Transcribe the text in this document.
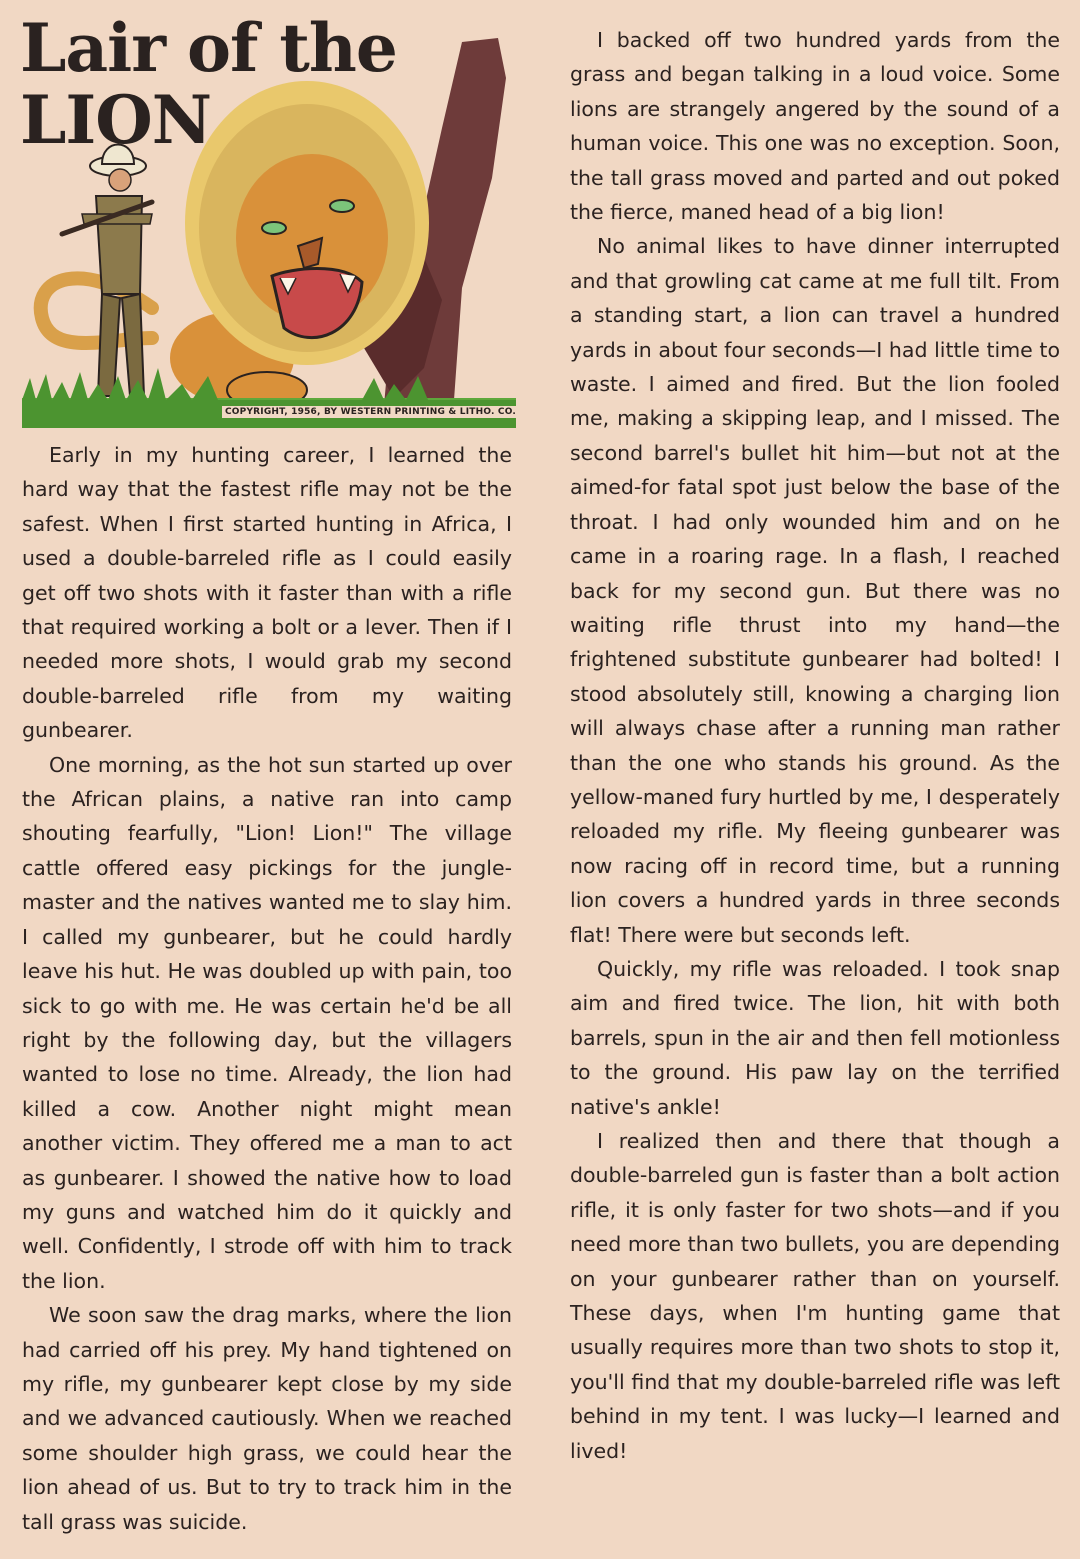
Lair of the
LION

COPYRIGHT, 1956, BY WESTERN PRINTING & LITHO. CO.

Early in my hunting career, I learned the hard way that the fastest rifle may not be the safest. When I first started hunting in Africa, I used a double-barreled rifle as I could easily get off two shots with it faster than with a rifle that required working a bolt or a lever. Then if I needed more shots, I would grab my second double-barreled rifle from my waiting gunbearer.

One morning, as the hot sun started up over the African plains, a native ran into camp shouting fearfully, "Lion! Lion!" The village cattle offered easy pickings for the jungle-master and the natives wanted me to slay him. I called my gunbearer, but he could hardly leave his hut. He was doubled up with pain, too sick to go with me. He was certain he'd be all right by the following day, but the villagers wanted to lose no time. Already, the lion had killed a cow. Another night might mean another victim. They offered me a man to act as gunbearer. I showed the native how to load my guns and watched him do it quickly and well. Confidently, I strode off with him to track the lion.

We soon saw the drag marks, where the lion had carried off his prey. My hand tightened on my rifle, my gunbearer kept close by my side and we advanced cautiously. When we reached some shoulder high grass, we could hear the lion ahead of us. But to try to track him in the tall grass was suicide.

I backed off two hundred yards from the grass and began talking in a loud voice. Some lions are strangely angered by the sound of a human voice. This one was no exception. Soon, the tall grass moved and parted and out poked the fierce, maned head of a big lion!

No animal likes to have dinner interrupted and that growling cat came at me full tilt. From a standing start, a lion can travel a hundred yards in about four seconds—I had little time to waste. I aimed and fired. But the lion fooled me, making a skipping leap, and I missed. The second barrel's bullet hit him—but not at the aimed-for fatal spot just below the base of the throat. I had only wounded him and on he came in a roaring rage. In a flash, I reached back for my second gun. But there was no waiting rifle thrust into my hand—the frightened substitute gunbearer had bolted! I stood absolutely still, knowing a charging lion will always chase after a running man rather than the one who stands his ground. As the yellow-maned fury hurtled by me, I desperately reloaded my rifle. My fleeing gunbearer was now racing off in record time, but a running lion covers a hundred yards in three seconds flat! There were but seconds left.

Quickly, my rifle was reloaded. I took snap aim and fired twice. The lion, hit with both barrels, spun in the air and then fell motionless to the ground. His paw lay on the terrified native's ankle!

I realized then and there that though a double-barreled gun is faster than a bolt action rifle, it is only faster for two shots—and if you need more than two bullets, you are depending on your gunbearer rather than on yourself. These days, when I'm hunting game that usually requires more than two shots to stop it, you'll find that my double-barreled rifle was left behind in my tent. I was lucky—I learned and lived!
